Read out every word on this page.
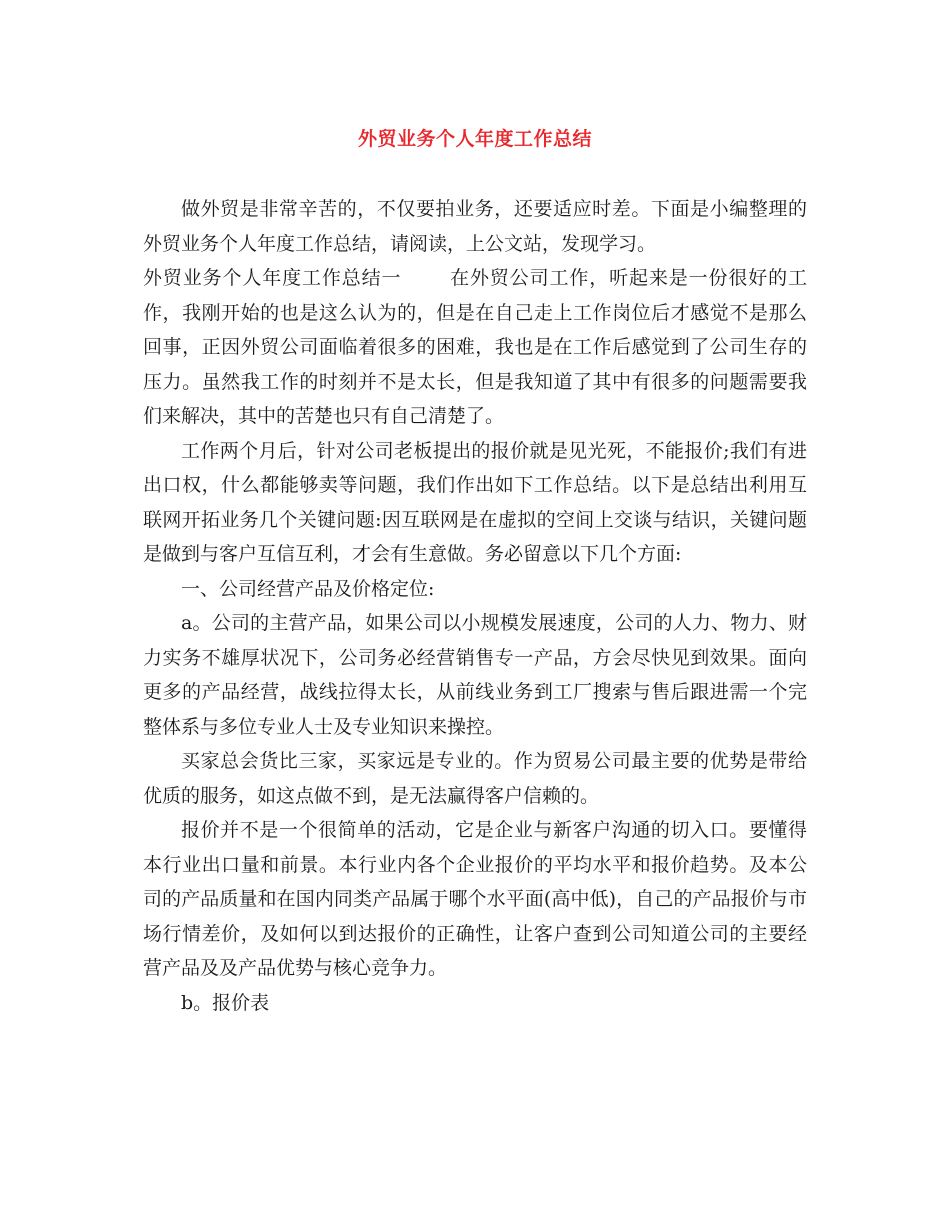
外贸业务个人年度工作总结

做外贸是非常辛苦的，不仅要拍业务，还要适应时差。下面是小编整理的外贸业务个人年度工作总结，请阅读，上公文站，发现学习。

外贸业务个人年度工作总结一	在外贸公司工作，听起来是一份很好的工作，我刚开始的也是这么认为的，但是在自己走上工作岗位后才感觉不是那么回事，正因外贸公司面临着很多的困难，我也是在工作后感觉到了公司生存的压力。虽然我工作的时刻并不是太长，但是我知道了其中有很多的问题需要我们来解决，其中的苦楚也只有自己清楚了。

工作两个月后，针对公司老板提出的报价就是见光死，不能报价;我们有进出口权，什么都能够卖等问题，我们作出如下工作总结。以下是总结出利用互联网开拓业务几个关键问题:因互联网是在虚拟的空间上交谈与结识，关键问题是做到与客户互信互利，才会有生意做。务必留意以下几个方面:

一、公司经营产品及价格定位:

a。公司的主营产品，如果公司以小规模发展速度，公司的人力、物力、财力实务不雄厚状况下，公司务必经营销售专一产品，方会尽快见到效果。面向更多的产品经营，战线拉得太长，从前线业务到工厂搜索与售后跟进需一个完整体系与多位专业人士及专业知识来操控。

买家总会货比三家，买家远是专业的。作为贸易公司最主要的优势是带给优质的服务，如这点做不到，是无法赢得客户信赖的。

报价并不是一个很简单的活动，它是企业与新客户沟通的切入口。要懂得本行业出口量和前景。本行业内各个企业报价的平均水平和报价趋势。及本公司的产品质量和在国内同类产品属于哪个水平面(高中低)，自己的产品报价与市场行情差价，及如何以到达报价的正确性，让客户查到公司知道公司的主要经营产品及及产品优势与核心竞争力。

b。报价表
